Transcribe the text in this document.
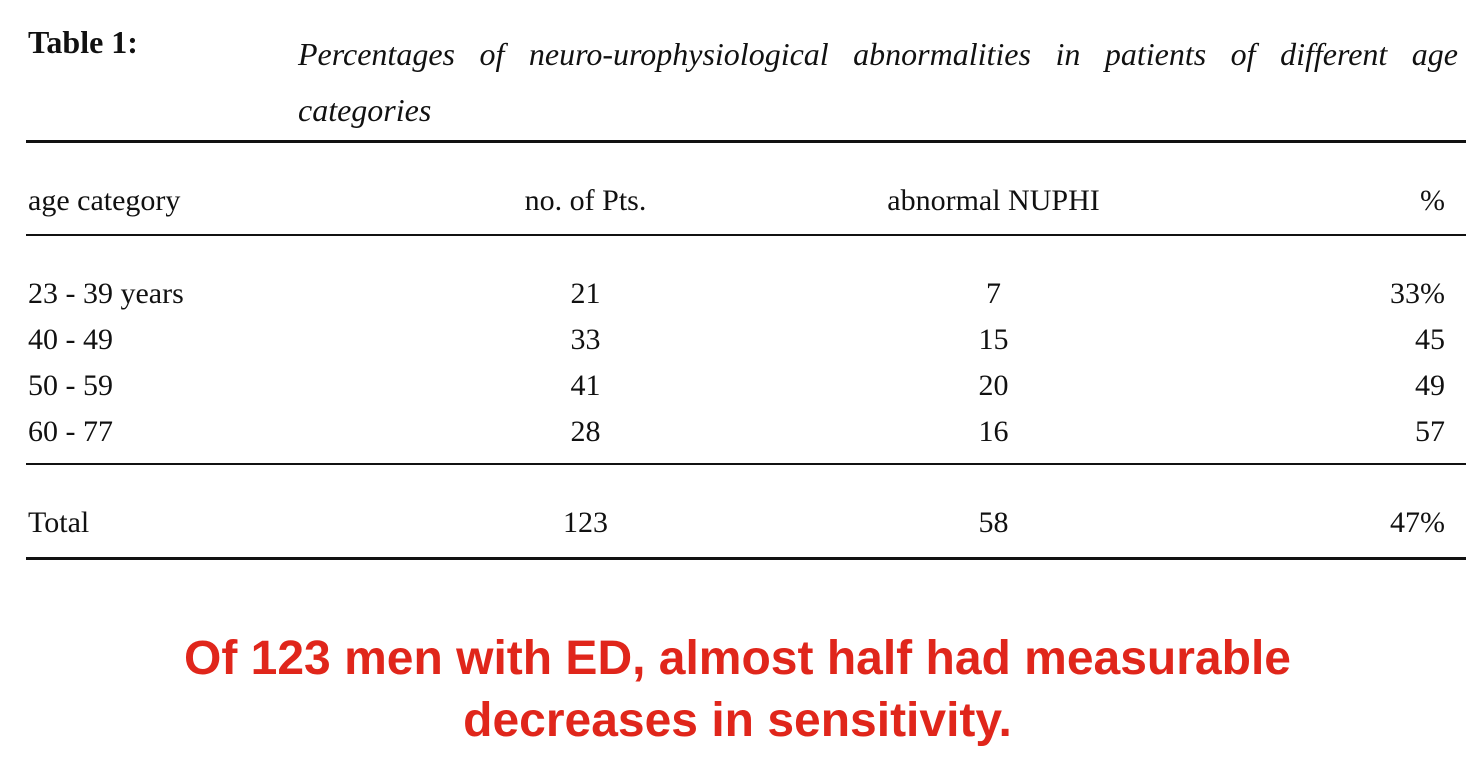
Table 1:	Percentages of neuro-urophysiological abnormalities in patients of different age categories
age category	no. of Pts.	abnormal NUPHI	%
23 - 39 years	21	7	33%
40 - 49	33	15	45
50 - 59	41	20	49
60 - 77	28	16	57
Total	123	58	47%
Of 123 men with ED, almost half had measurable
decreases in sensitivity.
